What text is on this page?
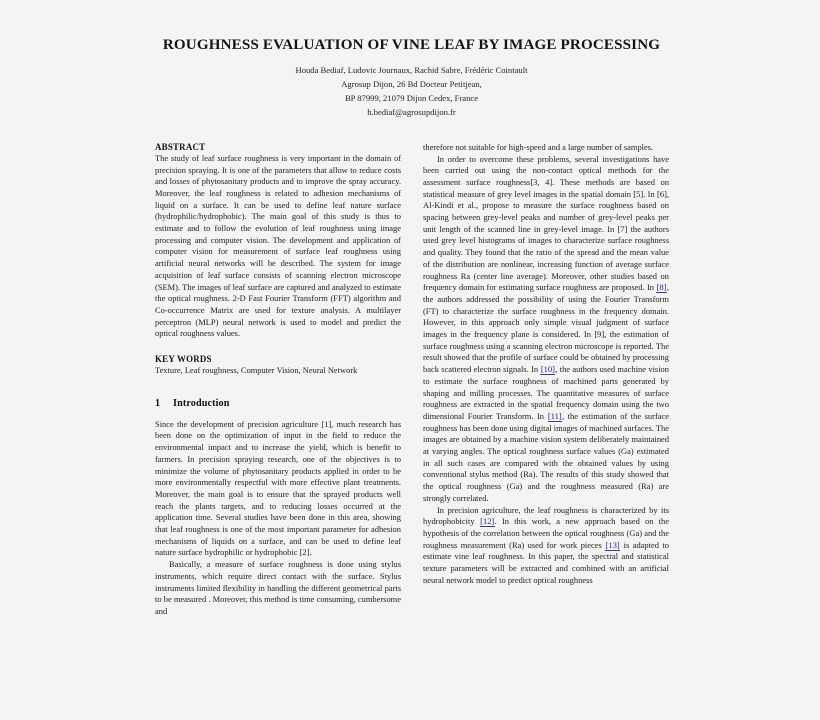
ROUGHNESS EVALUATION OF VINE LEAF BY IMAGE PROCESSING
Houda Bediaf, Ludovic Journaux, Rachid Sabre, Frédéric Cointault
Agrosup Dijon, 26 Bd Docteur Petitjean,
BP 87999, 21079 Dijon Cedex, France
h.bediaf@agrosupdijon.fr
ABSTRACT

The study of leaf surface roughness is very important in the domain of precision spraying. It is one of the parameters that allow to reduce costs and losses of phytosanitary products and to improve the spray accuracy. Moreover, the leaf roughness is related to adhesion mechanisms of liquid on a surface. It can be used to define leaf nature surface (hydrophilic/hydrophobic). The main goal of this study is thus to estimate and to follow the evolution of leaf roughness using image processing and computer vision. The development and application of computer vision for measurement of surface leaf roughness using artificial neural networks will be described. The system for image acquisition of leaf surface consists of scanning electron microscope (SEM). The images of leaf surface are captured and analyzed to estimate the optical roughness. 2-D Fast Fourier Transform (FFT) algorithm and Co-occurrence Matrix are used for texture analysis. A multilayer perceptron (MLP) neural network is used to model and predict the optical roughness values.

KEY WORDS

Texture, Leaf roughness, Computer Vision, Neural Network

1 Introduction

Since the development of precision agriculture [1], much research has been done on the optimization of input in the field to reduce the environmental impact and to increase the yield, which is benefit to farmers. In precision spraying research, one of the objectives is to minimize the volume of phytosanitary products applied in order to be more environmentally respectful with more effective plant treatments. Moreover, the main goal is to ensure that the sprayed products well reach the plants targets, and to reducing losses occurred at the application time. Several studies have been done in this area, showing that leaf roughness is one of the most important parameter for adhesion mechanisms of liquids on a surface, and can be used to define leaf nature surface hydrophilic or hydrophobic [2].

Basically, a measure of surface roughness is done using stylus instruments, which require direct contact with the surface. Stylus instruments limited flexibility in handling the different geometrical parts to be measured . Moreover, this method is time consuming, cumbersome and

therefore not suitable for high-speed and a large number of samples.

In order to overcome these problems, several investigations have been carried out using the non-contact optical methods for the assessment surface roughness[3, 4]. These methods are based on statistical measure of grey level images in the spatial domain [5]. In [6], Al-Kindi et al., propose to measure the surface roughness based on spacing between grey-level peaks and number of grey-level peaks per unit length of the scanned line in grey-level image. In [7] the authors used grey level histograms of images to characterize surface roughness and quality. They found that the ratio of the spread and the mean value of the distribution are nonlinear, increasing function of average surface roughness Ra (center line average). Moreover, other studies based on frequency domain for estimating surface roughness are proposed. In [8], the authors addressed the possibility of using the Fourier Transform (FT) to characterize the surface roughness in the frequency domain. However, in this approach only simple visual judgment of surface images in the frequency plane is considered. In [9], the estimation of surface roughness using a scanning electron microscope is reported. The result showed that the profile of surface could be obtained by processing back scattered electron signals. In [10], the authors used machine vision to estimate the surface roughness of machined parts generated by shaping and milling processes. The quantitative measures of surface roughness are extracted in the spatial frequency domain using the two dimensional Fourier Transform. In [11], the estimation of the surface roughness has been done using digital images of machined surfaces. The images are obtained by a machine vision system deliberately maintained at varying angles. The optical roughness surface values (Ga) estimated in all such cases are compared with the obtained values by using conventional stylus method (Ra). The results of this study showed that the optical roughness (Ga) and the roughness measured (Ra) are strongly correlated.

In precision agriculture, the leaf roughness is characterized by its hydrophobicity [12]. In this work, a new approach based on the hypothesis of the correlation between the optical roughness (Ga) and the roughness measurement (Ra) used for work pieces [13] is adapted to estimate vine leaf roughness. In this paper, the spectral and statistical texture parameters will be extracted and combined with an artificial neural network model to predict optical roughness
